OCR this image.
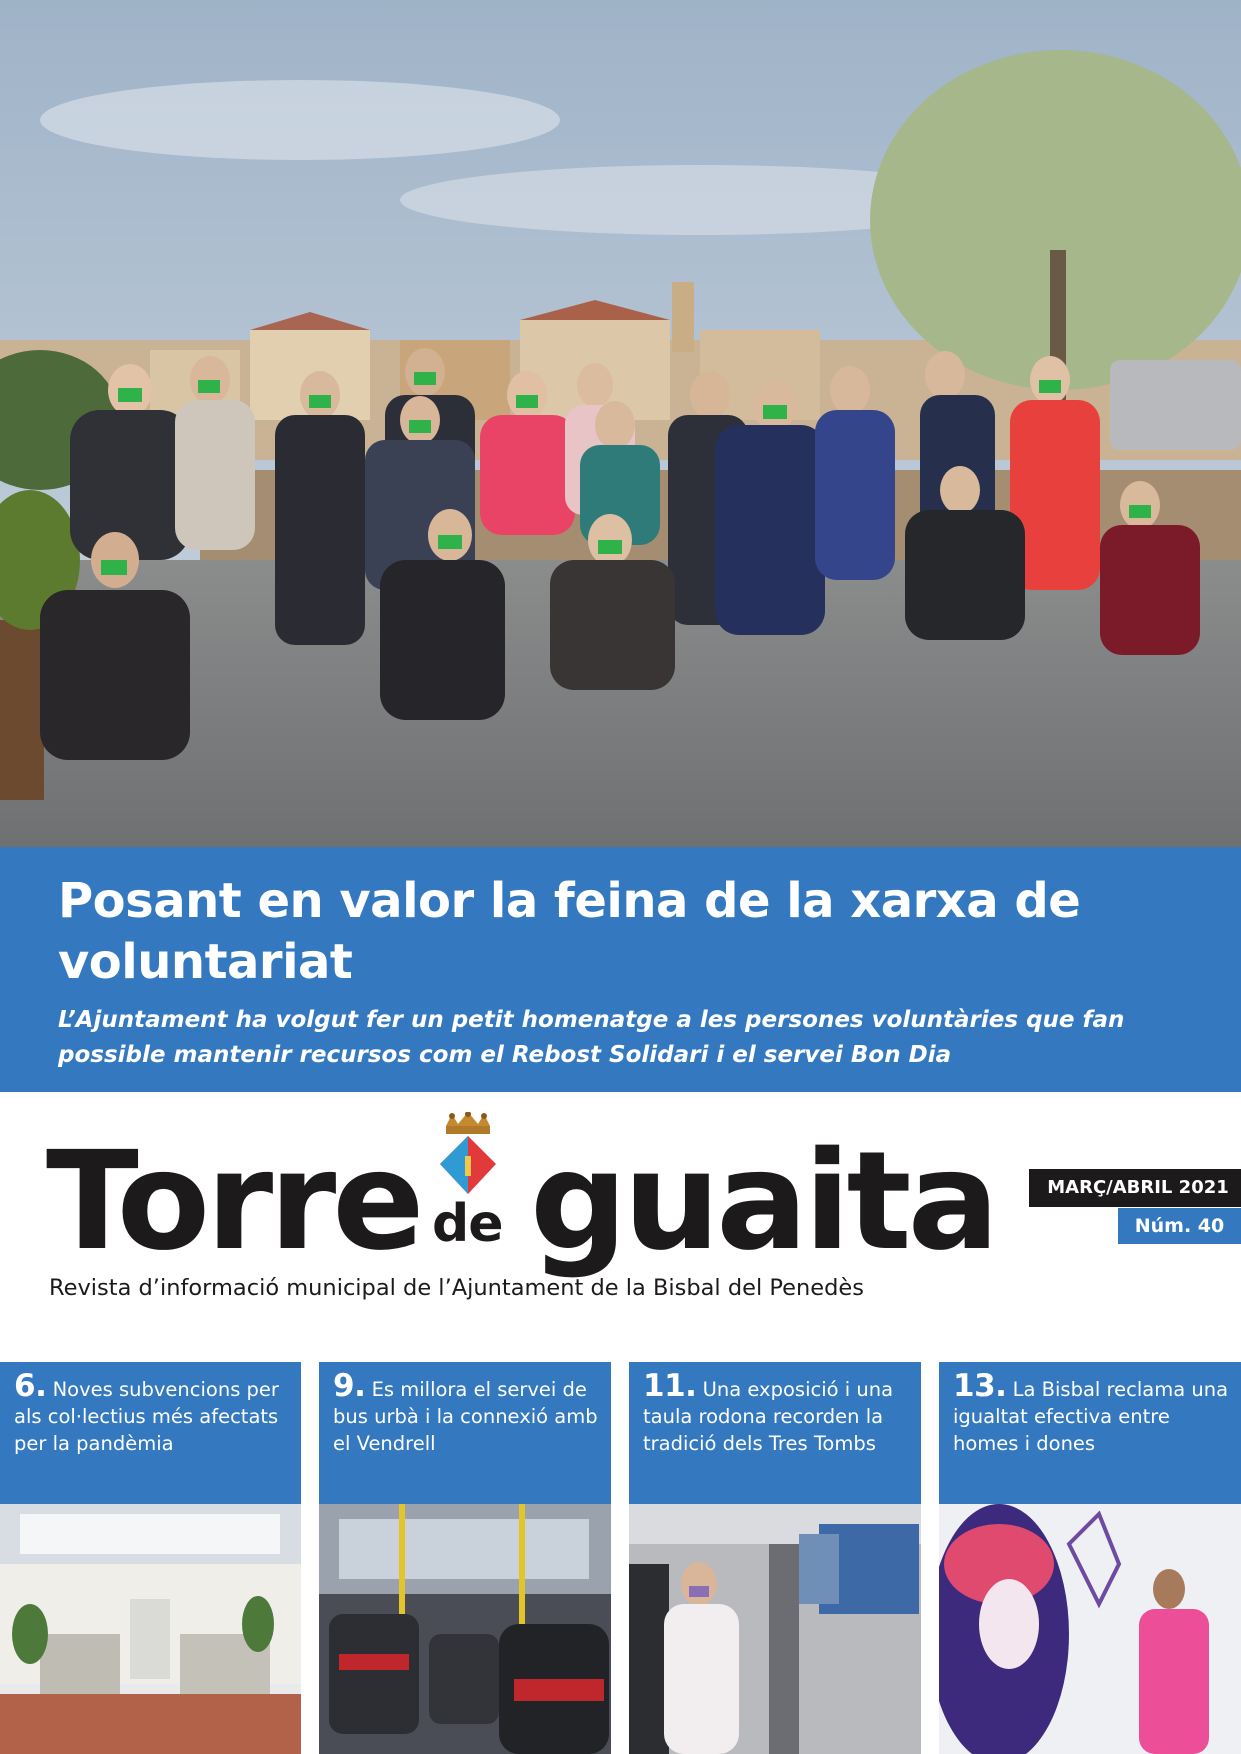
Posant en valor la feina de la xarxa de voluntariat
L’Ajuntament ha volgut fer un petit homenatge a les persones voluntàries que fan possible mantenir recursos com el Rebost Solidari i el servei Bon Dia
Torre de guaita	MARÇ/ABRIL 2021
Núm. 40
Revista d’informació municipal de l’Ajuntament de la Bisbal del Penedès
6. Noves subvencions per als col·lectius més afectats per la pandèmia
9. Es millora el servei de bus urbà i la connexió amb el Vendrell
11. Una exposició i una taula rodona recorden la tradició dels Tres Tombs
13. La Bisbal reclama una igualtat efectiva entre homes i dones
